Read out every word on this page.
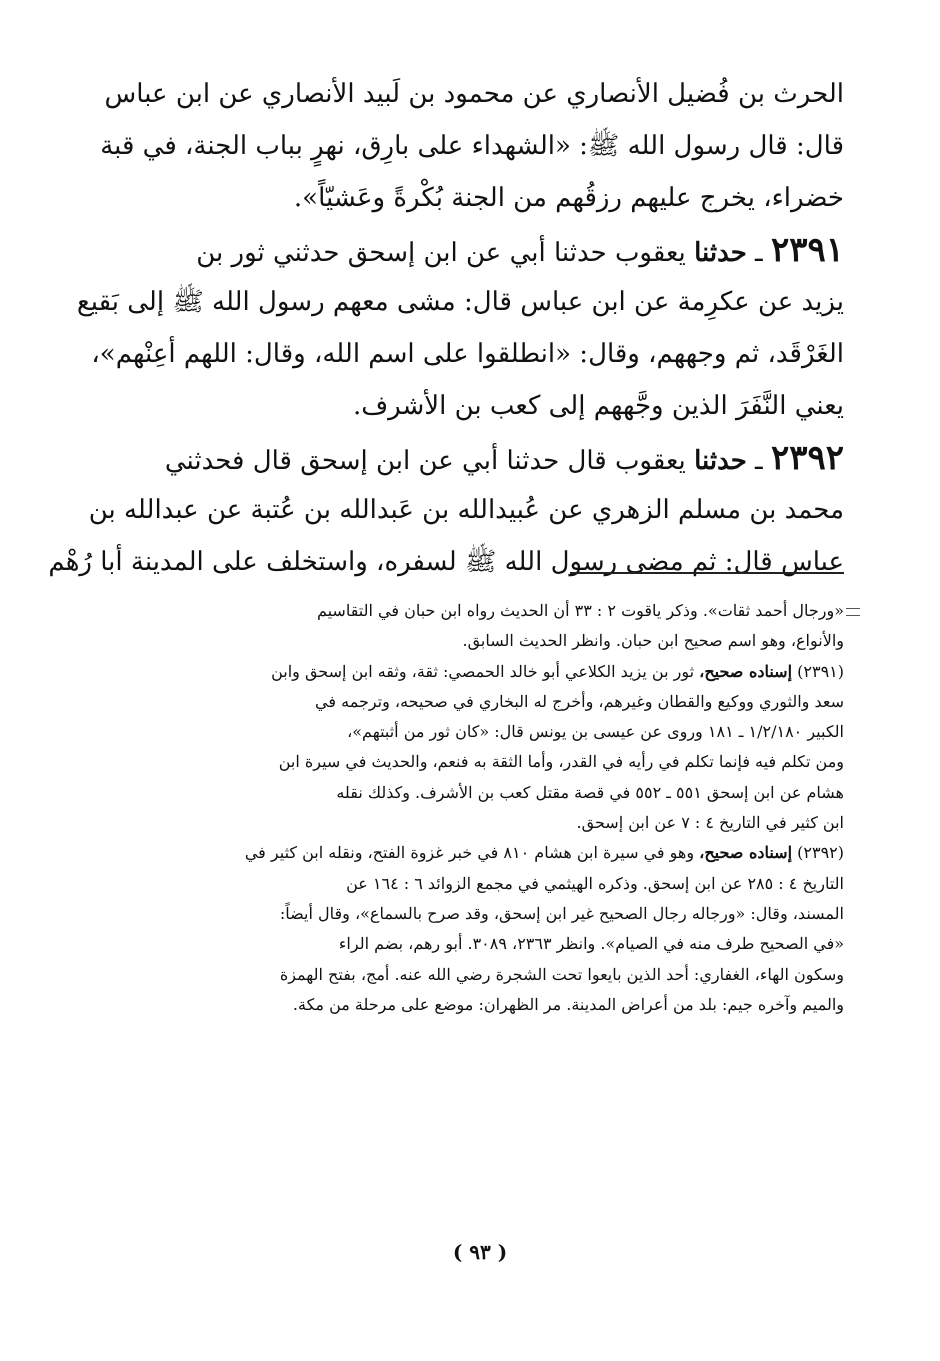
الحرث بن فُضيل الأنصاري عن محمود بن لَبيد الأنصاري عن ابن عباس
قال: قال رسول الله ﷺ: «الشهداء على بارِق، نهرٍ بباب الجنة، في قبة
خضراء، يخرج عليهم رزقُهم من الجنة بُكْرةً وعَشيّاً».
٢٣٩١ ـ حدثنا يعقوب حدثنا أبي عن ابن إسحق حدثني ثور بن
يزيد عن عكرِمة عن ابن عباس قال: مشى معهم رسول الله ﷺ إلى بَقيع
الغَرْقَد، ثم وجههم، وقال: «انطلقوا على اسم الله، وقال: اللهم أعِنْهم»،
يعني النَّفَرَ الذين وجَّههم إلى كعب بن الأشرف.
٢٣٩٢ ـ حدثنا يعقوب قال حدثنا أبي عن ابن إسحق قال فحدثني
محمد بن مسلم الزهري عن عُبيدالله بن عَبدالله بن عُتبة عن عبدالله بن
عباس قال: ثم مضى رسول الله ﷺ لسفره، واستخلف على المدينة أبا رُهْم
«ورجال أحمد ثقات». وذكر ياقوت ٢ : ٣٣ أن الحديث رواه ابن حبان في التقاسيم
والأنواع، وهو اسم صحيح ابن حبان. وانظر الحديث السابق.
(٢٣٩١) إسناده صحيح، ثور بن يزيد الكلاعي أبو خالد الحمصي: ثقة، وثقه ابن إسحق وابن
سعد والثوري ووكيع والقطان وغيرهم، وأخرج له البخاري في صحيحه، وترجمه في
الكبير ١/٢/١٨٠ ـ ١٨١ وروى عن عيسى بن يونس قال: «كان ثور من أثبتهم»،
ومن تكلم فيه فإنما تكلم في رأيه في القدر، وأما الثقة به فنعم، والحديث في سيرة ابن
هشام عن ابن إسحق ٥٥١ ـ ٥٥٢ في قصة مقتل كعب بن الأشرف. وكذلك نقله
ابن كثير في التاريخ ٤ : ٧ عن ابن إسحق.
(٢٣٩٢) إسناده صحيح، وهو في سيرة ابن هشام ٨١٠ في خبر غزوة الفتح، ونقله ابن كثير في
التاريخ ٤ : ٢٨٥ عن ابن إسحق. وذكره الهيثمي في مجمع الزوائد ٦ : ١٦٤ عن
المسند، وقال: «ورجاله رجال الصحيح غير ابن إسحق، وقد صرح بالسماع»، وقال أيضاً:
«في الصحيح طرف منه في الصيام». وانظر ٢٣٦٣، ٣٠٨٩. أبو رهم، بضم الراء
وسكون الهاء، الغفاري: أحد الذين بايعوا تحت الشجرة رضي الله عنه. أمج، بفتح الهمزة
والميم وآخره جيم: بلد من أعراض المدينة. مر الظهران: موضع على مرحلة من مكة.
( ٩٣ )
